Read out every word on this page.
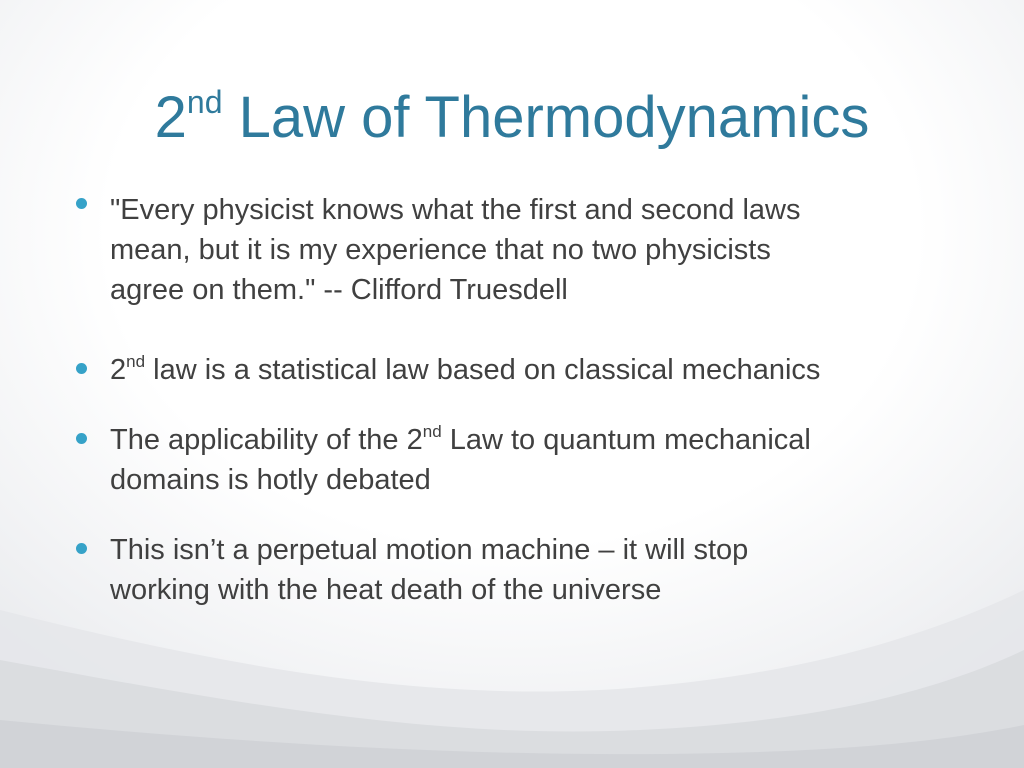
2nd Law of Thermodynamics
"Every physicist knows what the first and second laws
mean, but it is my experience that no two physicists
agree on them." -- Clifford Truesdell
2nd law is a statistical law based on classical mechanics
The applicability of the 2nd Law to quantum mechanical
domains is hotly debated
This isn’t a perpetual motion machine – it will stop
working with the heat death of the universe
